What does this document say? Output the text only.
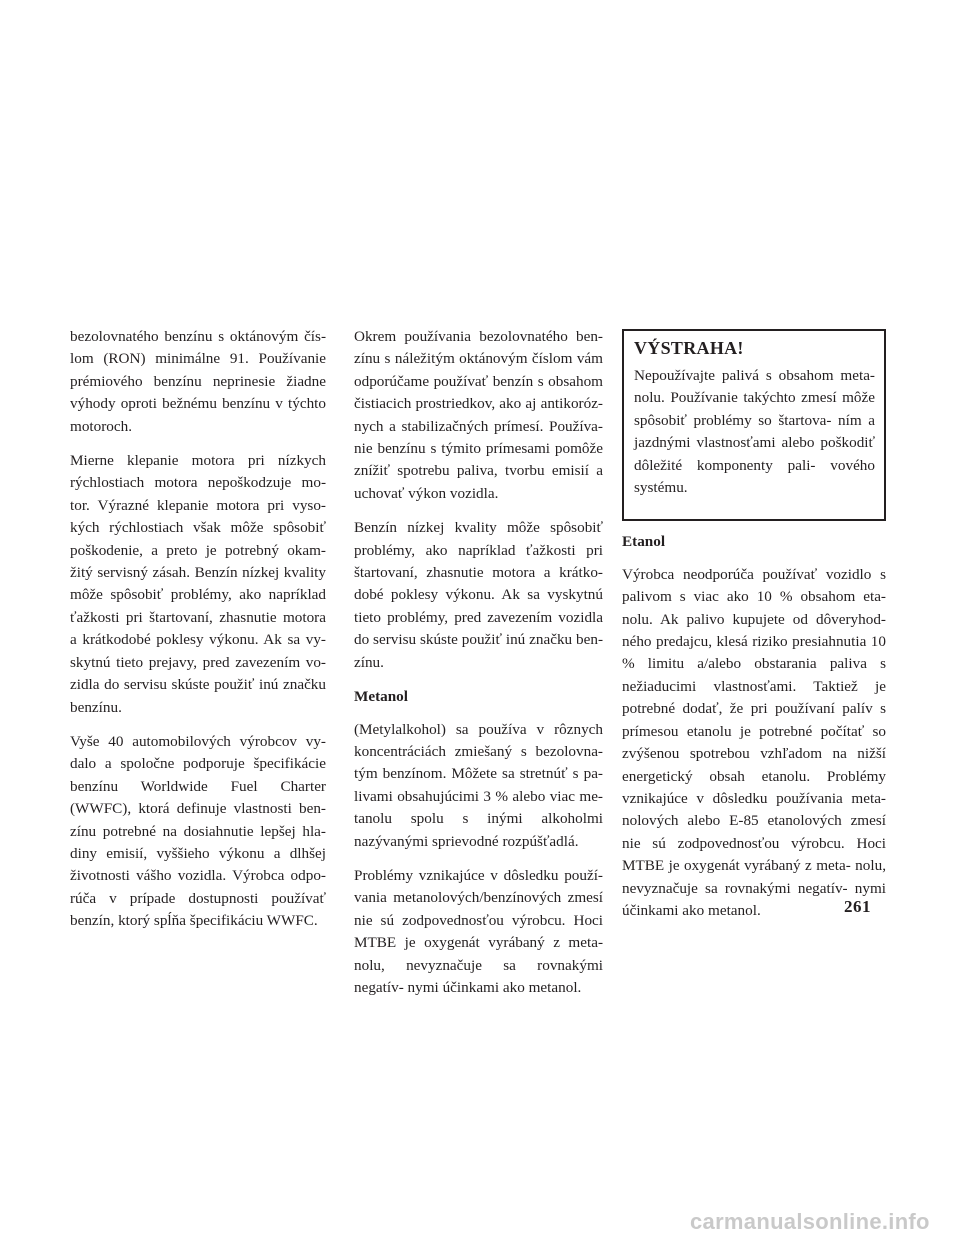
bezolovnatého benzínu s oktánovým čís- lom (RON) minimálne 91. Používanie prémiového benzínu neprinesie žiadne výhody oproti bežnému benzínu v týchto motoroch.

Mierne klepanie motora pri nízkych rýchlostiach motora nepoškodzuje mo- tor. Výrazné klepanie motora pri vyso- kých rýchlostiach však môže spôsobiť poškodenie, a preto je potrebný okam- žitý servisný zásah. Benzín nízkej kvality môže spôsobiť problémy, ako napríklad ťažkosti pri štartovaní, zhasnutie motora a krátkodobé poklesy výkonu. Ak sa vy- skytnú tieto prejavy, pred zavezením vo- zidla do servisu skúste použiť inú značku benzínu.

Vyše 40 automobilových výrobcov vy- dalo a spoločne podporuje špecifikácie benzínu Worldwide Fuel Charter (WWFC), ktorá definuje vlastnosti ben- zínu potrebné na dosiahnutie lepšej hla- diny emisií, vyššieho výkonu a dlhšej životnosti vášho vozidla. Výrobca odpo- rúča v prípade dostupnosti používať benzín, ktorý spĺňa špecifikáciu WWFC.

Okrem používania bezolovnatého ben- zínu s náležitým oktánovým číslom vám odporúčame používať benzín s obsahom čistiacich prostriedkov, ako aj antikoróz- nych a stabilizačných prímesí. Používa- nie benzínu s týmito prímesami pomôže znížiť spotrebu paliva, tvorbu emisií a uchovať výkon vozidla.

Benzín nízkej kvality môže spôsobiť problémy, ako napríklad ťažkosti pri štartovaní, zhasnutie motora a krátko- dobé poklesy výkonu. Ak sa vyskytnú tieto problémy, pred zavezením vozidla do servisu skúste použiť inú značku ben- zínu.

Metanol

(Metylalkohol) sa používa v rôznych koncentráciách zmiešaný s bezolovna- tým benzínom. Môžete sa stretnúť s pa- livami obsahujúcimi 3 % alebo viac me- tanolu spolu s inými alkoholmi nazývanými sprievodné rozpúšťadlá.

Problémy vznikajúce v dôsledku použí- vania metanolových/benzínových zmesí nie sú zodpovednosťou výrobcu. Hoci MTBE je oxygenát vyrábaný z meta- nolu, nevyznačuje sa rovnakými negatív- nymi účinkami ako metanol.

VÝSTRAHA!

Nepoužívajte palivá s obsahom meta- nolu. Používanie takýchto zmesí môže spôsobiť problémy so štartova- ním a jazdnými vlastnosťami alebo poškodiť dôležité komponenty pali- vového systému.

Etanol

Výrobca neodporúča používať vozidlo s palivom s viac ako 10 % obsahom eta- nolu. Ak palivo kupujete od dôveryhod- ného predajcu, klesá riziko presiahnutia 10 % limitu a/alebo obstarania paliva s nežiaducimi vlastnosťami. Taktiež je potrebné dodať, že pri používaní palív s prímesou etanolu je potrebné počítať so zvýšenou spotrebou vzhľadom na nižší energetický obsah etanolu. Problémy vznikajúce v dôsledku používania meta- nolových alebo E-85 etanolových zmesí nie sú zodpovednosťou výrobcu. Hoci MTBE je oxygenát vyrábaný z meta- nolu, nevyznačuje sa rovnakými negatív- nymi účinkami ako metanol.	261
carmanualsonline.info
